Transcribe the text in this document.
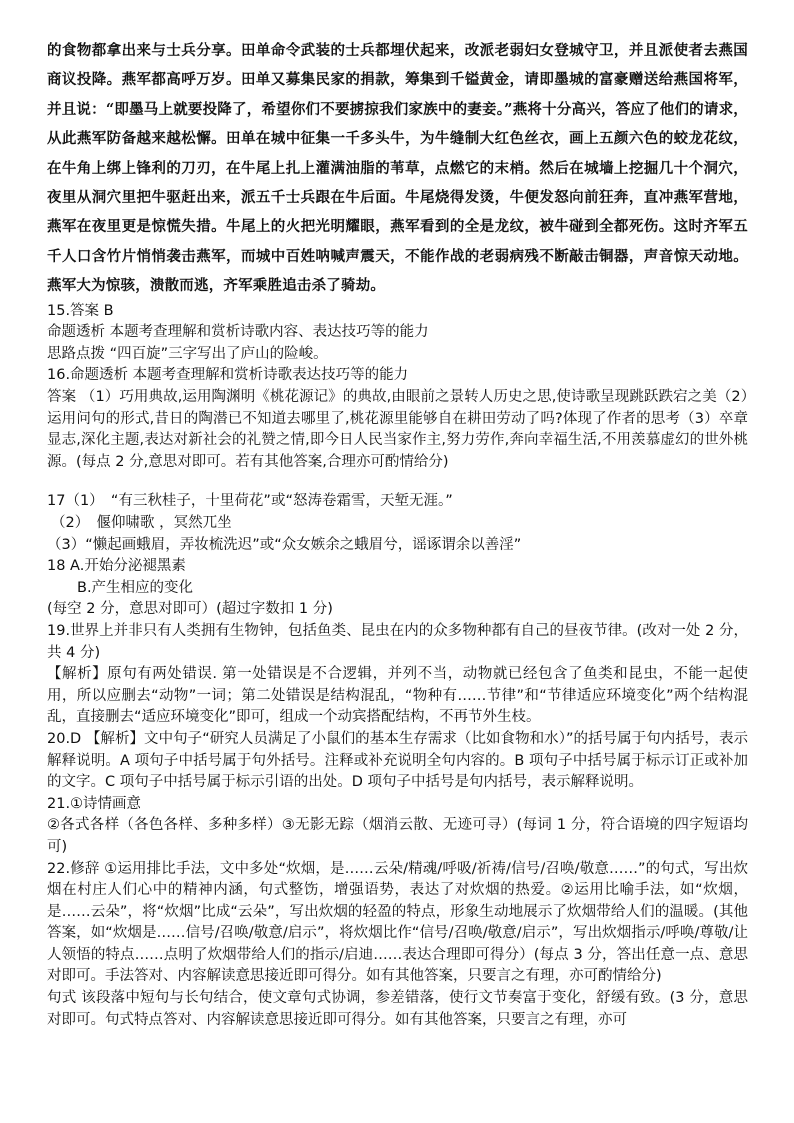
的食物都拿出来与士兵分享。田单命令武装的士兵都埋伏起来，改派老弱妇女登城守卫，并且派使者去燕国商议投降。燕军都高呼万岁。田单又募集民家的捐款，筹集到千镒黄金，请即墨城的富豪赠送给燕国将军，并且说：“即墨马上就要投降了，希望你们不要掳掠我们家族中的妻妾。”燕将十分高兴，答应了他们的请求，从此燕军防备越来越松懈。田单在城中征集一千多头牛，为牛缝制大红色丝衣，画上五颜六色的蛟龙花纹，在牛角上绑上锋利的刀刃，在牛尾上扎上灌满油脂的苇草，点燃它的末梢。然后在城墙上挖掘几十个洞穴，夜里从洞穴里把牛驱赶出来，派五千士兵跟在牛后面。牛尾烧得发烫，牛便发怒向前狂奔，直冲燕军营地，燕军在夜里更是惊慌失措。牛尾上的火把光明耀眼，燕军看到的全是龙纹，被牛碰到全都死伤。这时齐军五千人口含竹片悄悄袭击燕军，而城中百姓呐喊声震天，不能作战的老弱病残不断敲击铜器，声音惊天动地。燕军大为惊骇，溃散而逃，齐军乘胜追击杀了骑劫。

15.答案 B

命题透析 本题考查理解和赏析诗歌内容、表达技巧等的能力

思路点拨 “四百旋”三字写出了庐山的险峻。

16.命题透析 本题考查理解和赏析诗歌表达技巧等的能力

答案 （1）巧用典故,运用陶渊明《桃花源记》的典故,由眼前之景转人历史之思,使诗歌呈现跳跃跌宕之美（2）运用问句的形式,昔日的陶潜已不知道去哪里了,桃花源里能够自在耕田劳动了吗?体现了作者的思考（3）卒章显志,深化主题,表达对新社会的礼赞之情,即今日人民当家作主,努力劳作,奔向幸福生活,不用羡慕虚幻的世外桃源。(每点 2 分,意思对即可。若有其他答案,合理亦可酌情给分)

17（1）　“有三秋桂子，十里荷花”或“怒涛卷霜雪，天堑无涯。”

（2）　偃仰啸歌 ，冥然兀坐

（3）“懒起画蛾眉，弄妆梳洗迟”或“众女嫉余之蛾眉兮，谣诼谓余以善淫”

18 A.开始分泌褪黑素

B.产生相应的变化

(每空 2 分，意思对即可）(超过字数扣 1 分)

19.世界上并非只有人类拥有生物钟，包括鱼类、昆虫在内的众多物种都有自己的昼夜节律。(改对一处 2 分，共 4 分)

【解析】原句有两处错误. 第一处错误是不合逻辑，并列不当，动物就已经包含了鱼类和昆虫，不能一起使用，所以应删去“动物”一词；第二处错误是结构混乱，“物种有……节律”和“节律适应环境变化”两个结构混乱，直接删去“适应环境变化”即可，组成一个动宾搭配结构，不再节外生枝。

20.D 【解析】文中句子“研究人员满足了小鼠们的基本生存需求（比如食物和水）”的括号属于句内括号，表示解释说明。A 项句子中括号属于句外括号。注释或补充说明全句内容的。B 项句子中括号属于标示订正或补加的文字。C 项句子中括号属于标示引语的出处。D 项句子中括号是句内括号，表示解释说明。

21.①诗情画意

②各式各样（各色各样、多种多样）③无影无踪（烟消云散、无迹可寻）(每词 1 分，符合语境的四字短语均可)

22.修辞 ①运用排比手法，文中多处“炊烟，是……云朵/精魂/呼吸/祈祷/信号/召唤/敬意……”的句式，写出炊烟在村庄人们心中的精神内涵，句式整饬，增强语势，表达了对炊烟的热爱。②运用比喻手法，如“炊烟，是……云朵”，将“炊烟”比成“云朵”，写出炊烟的轻盈的特点，形象生动地展示了炊烟带给人们的温暖。(其他答案，如“炊烟是……信号/召唤/敬意/启示”，将炊烟比作“信号/召唤/敬意/启示”，写出炊烟指示/呼唤/尊敬/让人领悟的特点……点明了炊烟带给人们的指示/启迪……表达合理即可得分）(每点 3 分，答出任意一点、意思对即可。手法答对、内容解读意思接近即可得分。如有其他答案，只要言之有理，亦可酌情给分)

句式 该段落中短句与长句结合，使文章句式协调，参差错落，使行文节奏富于变化，舒缓有致。(3 分，意思对即可。句式特点答对、内容解读意思接近即可得分。如有其他答案，只要言之有理，亦可
